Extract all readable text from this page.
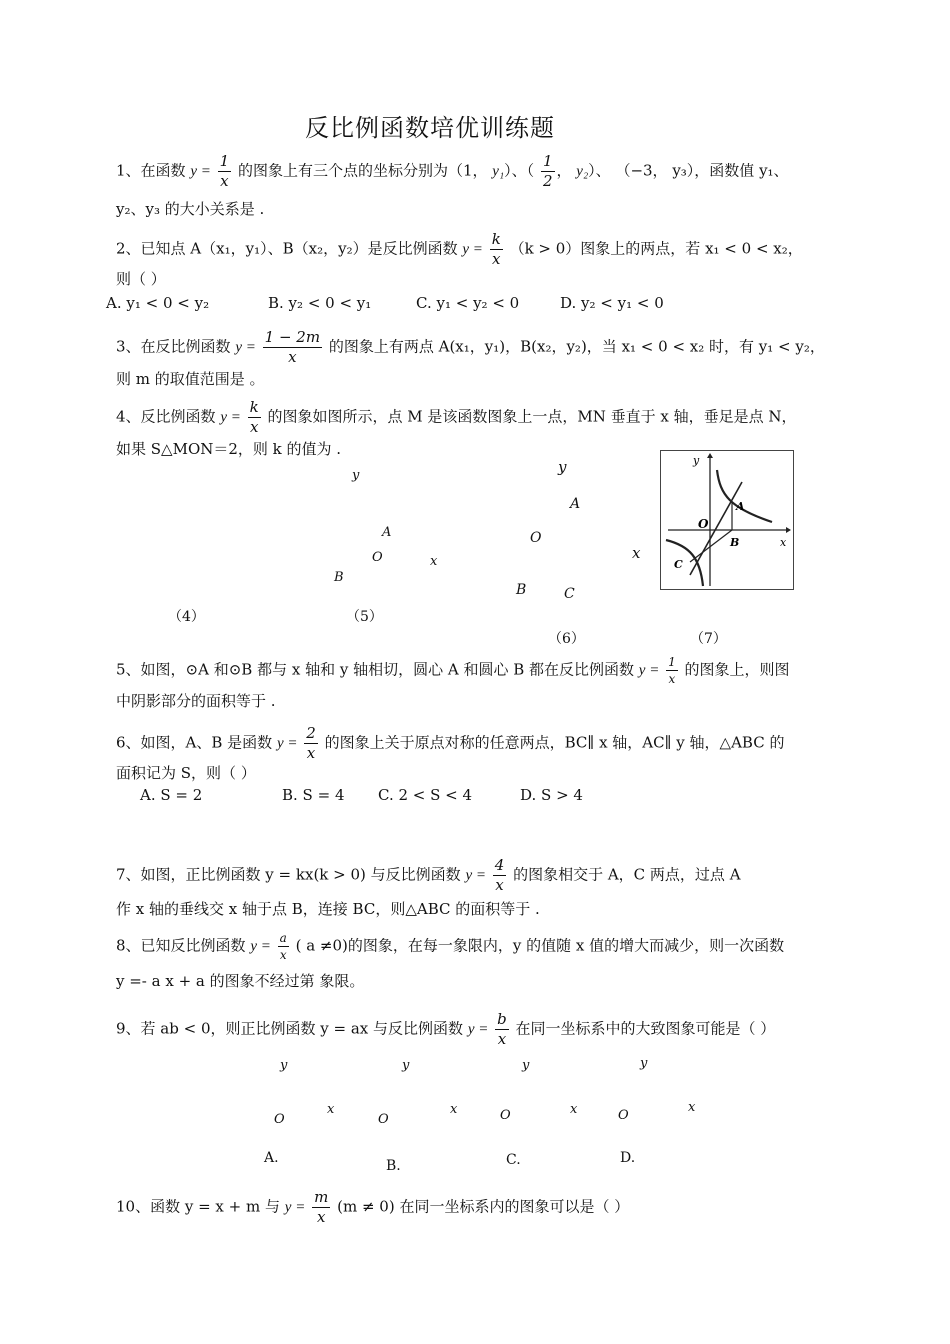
反比例函数培优训练题
1、在函数 $y = \frac{1}{x}$ 的图象上有三个点的坐标分别为（1， y₁）、（ $\frac{1}{2}$ ， y₂）、 （−3， y₃），函数值 y₁、
y₂、y₃ 的大小关系是 .
2、已知点 A（x₁，y₁）、B（x₂，y₂）是反比例函数 $y = \frac{k}{x} (k > 0)$图象上的两点，若 x₁ < 0 < x₂，
则（ ）
A. y₁ < 0 < y₂	B. y₂ < 0 < y₁	C. y₁ < y₂ < 0	D. y₂ < y₁ < 0
3、在反比例函数 $y = \frac{1 - 2m}{x}$ 的图象上有两点 A(x₁，y₁)，B(x₂，y₂)，当 x₁ < 0 < x₂ 时，有 y₁ < y₂，
则 m 的取值范围是 。
4、反比例函数 $y = \frac{k}{x}$ 的图象如图所示，点 M 是该函数图象上一点，MN 垂直于 x 轴，垂足是点 N，
如果 S△MON＝2，则 k 的值为 .
y
A
O	x
B
y
A
O
x
B	C
y
x
O
A
B
C
（4）	（5）
（6）	（7）
5、如图，⊙A 和⊙B 都与 x 轴和 y 轴相切，圆心 A 和圆心 B 都在反比例函数 $y = \frac{1}{x}$ 的图象上，则图
中阴影部分的面积等于 .
6、如图，A、B 是函数 $y = \frac{2}{x}$ 的图象上关于原点对称的任意两点，BC∥ x 轴，AC∥ y 轴，△ABC 的
面积记为 S，则（ ）
A. S = 2	B. S = 4 C. 2 < S < 4	D. S > 4
7、如图，正比例函数 y = kx(k > 0) 与反比例函数 $y = \frac{4}{x}$ 的图象相交于 A，C 两点，过点 A
作 x 轴的垂线交 x 轴于点 B，连接 BC，则△ABC 的面积等于 .
8、已知反比例函数 $y = \frac{a}{x}$ ( a ≠0)的图象，在每一象限内，y 的值随 x 值的增大而减少，则一次函数
y =- a x + a 的图象不经过第 象限。
9、若 ab < 0，则正比例函数 y = ax 与反比例函数 $y = \frac{b}{x}$ 在同一坐标系中的大致图象可能是（ ）
y
O
x
A.
y
O
x
B.
y
O	x
C.
y
O
x
D.
10、函数 y = x + m 与 $y = \frac{m}{x} (m \ne 0)$ 在同一坐标系内的图象可以是（ ）
